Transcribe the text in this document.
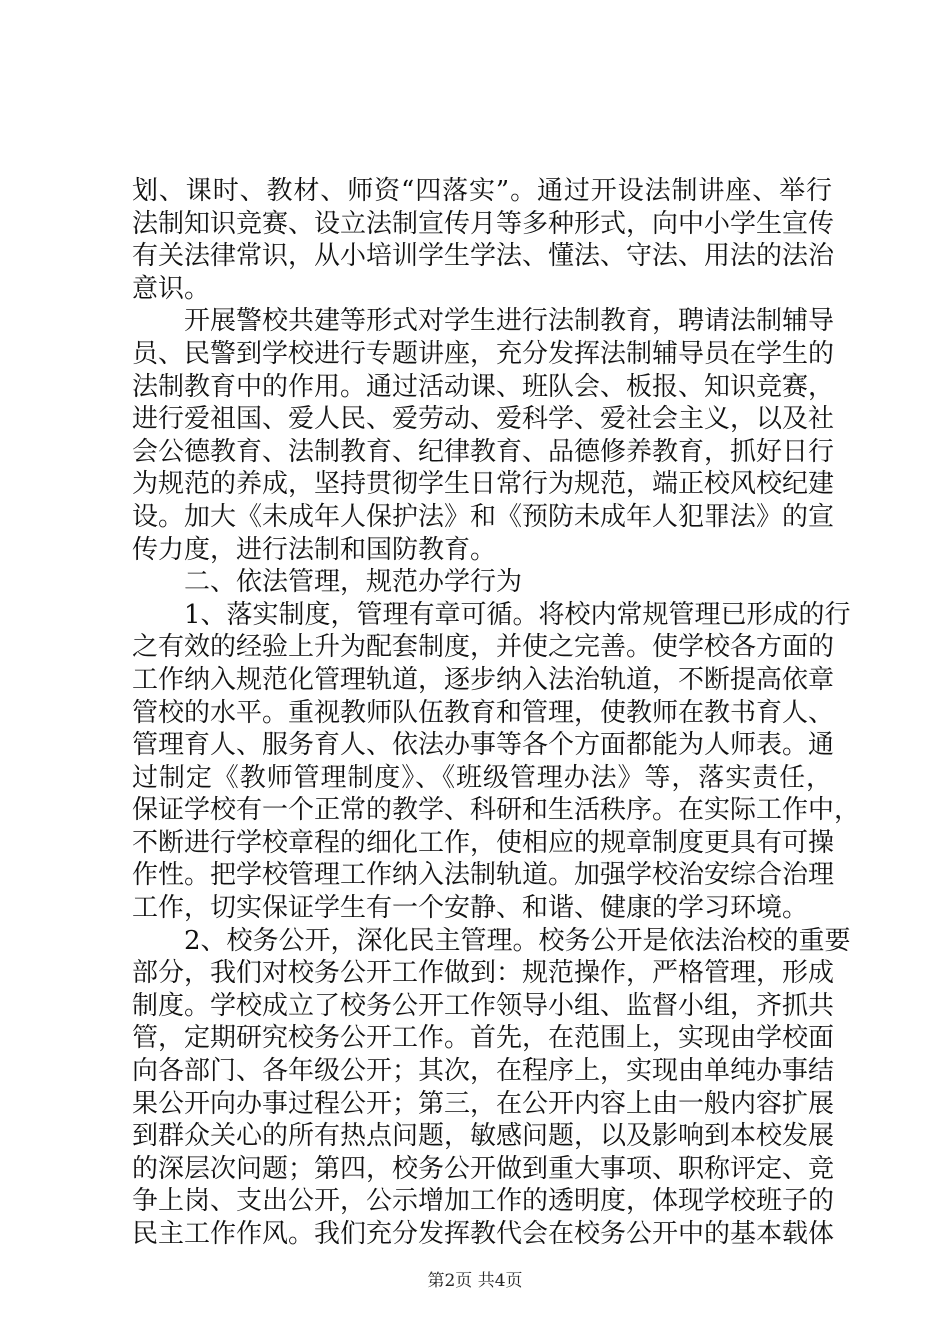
划、课时、教材、师资“四落实”。通过开设法制讲座、举行
法制知识竞赛、设立法制宣传月等多种形式，向中小学生宣传
有关法律常识，从小培训学生学法、懂法、守法、用法的法治
意识。
　　开展警校共建等形式对学生进行法制教育，聘请法制辅导
员、民警到学校进行专题讲座，充分发挥法制辅导员在学生的
法制教育中的作用。通过活动课、班队会、板报、知识竞赛，
进行爱祖国、爱人民、爱劳动、爱科学、爱社会主义，以及社
会公德教育、法制教育、纪律教育、品德修养教育，抓好日行
为规范的养成，坚持贯彻学生日常行为规范，端正校风校纪建
设。加大《未成年人保护法》和《预防未成年人犯罪法》的宣
传力度，进行法制和国防教育。
　　二、依法管理，规范办学行为
　　1、落实制度，管理有章可循。将校内常规管理已形成的行
之有效的经验上升为配套制度，并使之完善。使学校各方面的
工作纳入规范化管理轨道，逐步纳入法治轨道，不断提高依章
管校的水平。重视教师队伍教育和管理，使教师在教书育人、
管理育人、服务育人、依法办事等各个方面都能为人师表。通
过制定《教师管理制度》、《班级管理办法》等，落实责任，
保证学校有一个正常的教学、科研和生活秩序。在实际工作中，
不断进行学校章程的细化工作，使相应的规章制度更具有可操
作性。把学校管理工作纳入法制轨道。加强学校治安综合治理
工作，切实保证学生有一个安静、和谐、健康的学习环境。
　　2、校务公开，深化民主管理。校务公开是依法治校的重要
部分，我们对校务公开工作做到：规范操作，严格管理，形成
制度。学校成立了校务公开工作领导小组、监督小组，齐抓共
管，定期研究校务公开工作。首先，在范围上，实现由学校面
向各部门、各年级公开；其次，在程序上，实现由单纯办事结
果公开向办事过程公开；第三，在公开内容上由一般内容扩展
到群众关心的所有热点问题，敏感问题，以及影响到本校发展
的深层次问题；第四，校务公开做到重大事项、职称评定、竞
争上岗、支出公开，公示增加工作的透明度，体现学校班子的
民主工作作风。我们充分发挥教代会在校务公开中的基本载体
第2页 共4页
